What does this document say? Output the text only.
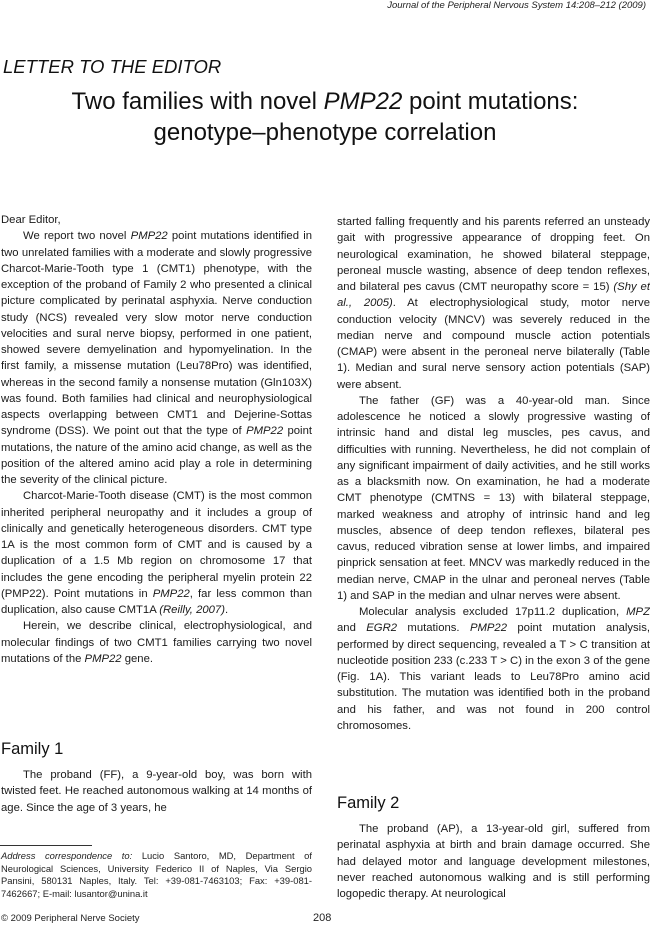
Journal of the Peripheral Nervous System 14:208–212 (2009)
LETTER TO THE EDITOR
Two families with novel PMP22 point mutations:
genotype–phenotype correlation

Dear Editor,

We report two novel PMP22 point mutations identified in two unrelated families with a moderate and slowly progressive Charcot-Marie-Tooth type 1 (CMT1) phenotype, with the exception of the proband of Family 2 who presented a clinical picture complicated by perinatal asphyxia. Nerve conduction study (NCS) revealed very slow motor nerve conduction velocities and sural nerve biopsy, performed in one patient, showed severe demyelination and hypomyelination. In the first family, a missense mutation (Leu78Pro) was identified, whereas in the second family a nonsense mutation (Gln103X) was found. Both families had clinical and neurophysiological aspects overlapping between CMT1 and Dejerine-Sottas syndrome (DSS). We point out that the type of PMP22 point mutations, the nature of the amino acid change, as well as the position of the altered amino acid play a role in determining the severity of the clinical picture.

Charcot-Marie-Tooth disease (CMT) is the most common inherited peripheral neuropathy and it includes a group of clinically and genetically heterogeneous disorders. CMT type 1A is the most common form of CMT and is caused by a duplication of a 1.5 Mb region on chromosome 17 that includes the gene encoding the peripheral myelin protein 22 (PMP22). Point mutations in PMP22, far less common than duplication, also cause CMT1A (Reilly, 2007).

Herein, we describe clinical, electrophysiological, and molecular findings of two CMT1 families carrying two novel mutations of the PMP22 gene.

Family 1

The proband (FF), a 9-year-old boy, was born with twisted feet. He reached autonomous walking at 14 months of age. Since the age of 3 years, he

Address correspondence to: Lucio Santoro, MD, Department of Neurological Sciences, University Federico II of Naples, Via Sergio Pansini, 580131 Naples, Italy. Tel: +39-081-7463103; Fax: +39-081-7462667; E-mail: lusantor@unina.it

started falling frequently and his parents referred an unsteady gait with progressive appearance of dropping feet. On neurological examination, he showed bilateral steppage, peroneal muscle wasting, absence of deep tendon reflexes, and bilateral pes cavus (CMT neuropathy score = 15) (Shy et al., 2005). At electrophysiological study, motor nerve conduction velocity (MNCV) was severely reduced in the median nerve and compound muscle action potentials (CMAP) were absent in the peroneal nerve bilaterally (Table 1). Median and sural nerve sensory action potentials (SAP) were absent.

The father (GF) was a 40-year-old man. Since adolescence he noticed a slowly progressive wasting of intrinsic hand and distal leg muscles, pes cavus, and difficulties with running. Nevertheless, he did not complain of any significant impairment of daily activities, and he still works as a blacksmith now. On examination, he had a moderate CMT phenotype (CMTNS = 13) with bilateral steppage, marked weakness and atrophy of intrinsic hand and leg muscles, absence of deep tendon reflexes, bilateral pes cavus, reduced vibration sense at lower limbs, and impaired pinprick sensation at feet. MNCV was markedly reduced in the median nerve, CMAP in the ulnar and peroneal nerves (Table 1) and SAP in the median and ulnar nerves were absent.

Molecular analysis excluded 17p11.2 duplication, MPZ and EGR2 mutations. PMP22 point mutation analysis, performed by direct sequencing, revealed a T > C transition at nucleotide position 233 (c.233 T > C) in the exon 3 of the gene (Fig. 1A). This variant leads to Leu78Pro amino acid substitution. The mutation was identified both in the proband and his father, and was not found in 200 control chromosomes.

Family 2

The proband (AP), a 13-year-old girl, suffered from perinatal asphyxia at birth and brain damage occurred. She had delayed motor and language development milestones, never reached autonomous walking and is still performing logopedic therapy. At neurological

© 2009 Peripheral Nerve Society	208
